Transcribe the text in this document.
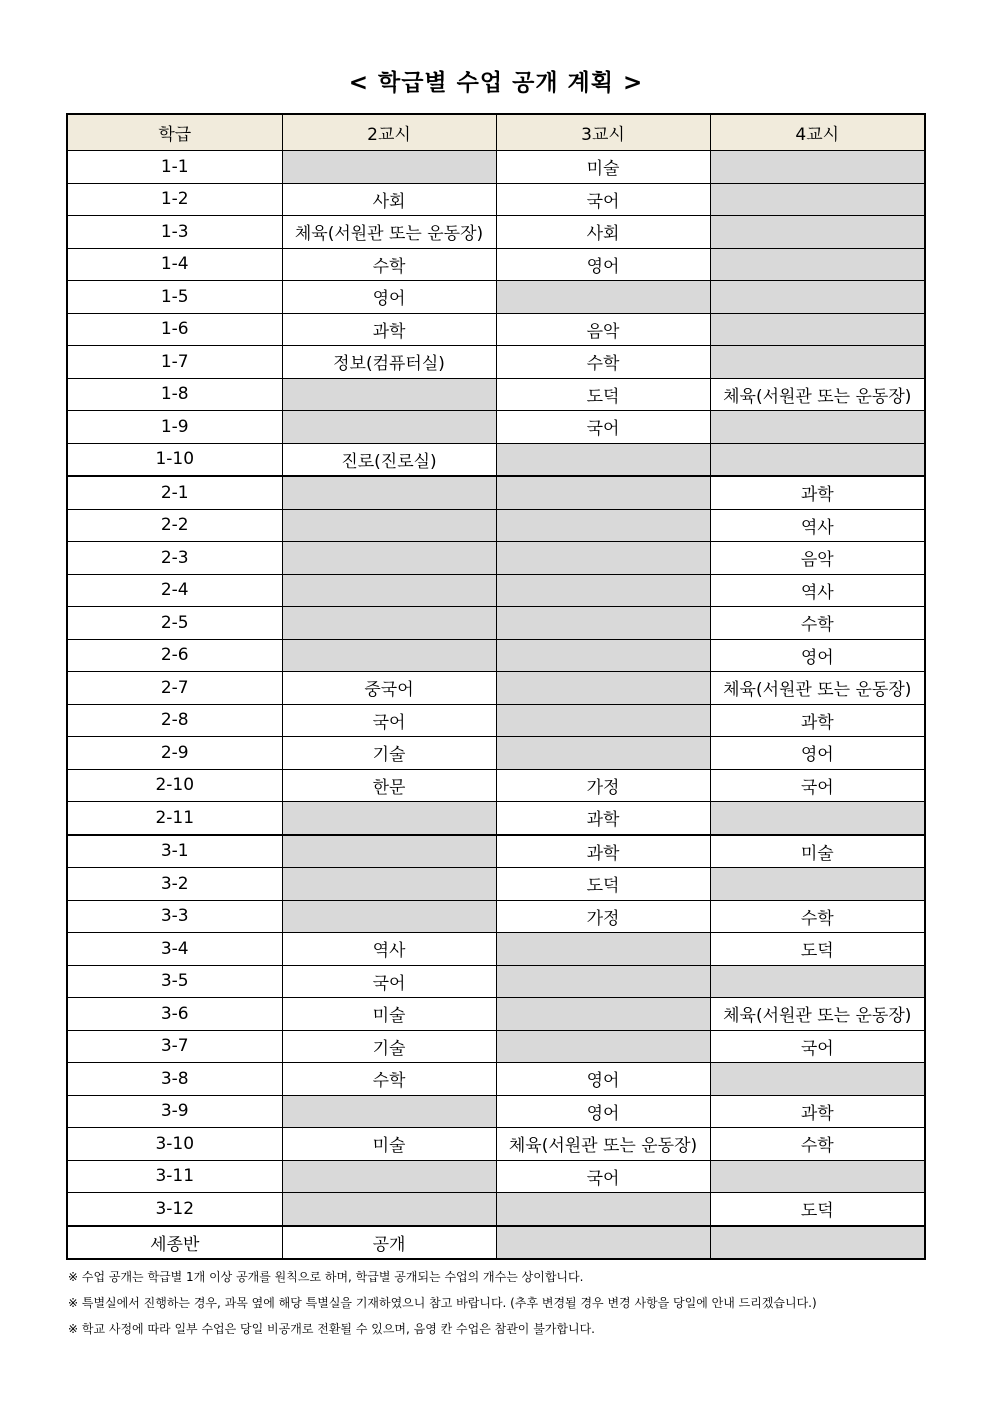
< 학급별 수업 공개 계획 >
학급	2교시	3교시	4교시
1-1		미술	
1-2	사회	국어	
1-3	체육(서원관 또는 운동장)	사회	
1-4	수학	영어	
1-5	영어		
1-6	과학	음악	
1-7	정보(컴퓨터실)	수학	
1-8		도덕	체육(서원관 또는 운동장)
1-9		국어	
1-10	진로(진로실)		
2-1			과학
2-2			역사
2-3			음악
2-4			역사
2-5			수학
2-6			영어
2-7	중국어		체육(서원관 또는 운동장)
2-8	국어		과학
2-9	기술		영어
2-10	한문	가정	국어
2-11		과학	
3-1		과학	미술
3-2		도덕	
3-3		가정	수학
3-4	역사		도덕
3-5	국어		
3-6	미술		체육(서원관 또는 운동장)
3-7	기술		국어
3-8	수학	영어	
3-9		영어	과학
3-10	미술	체육(서원관 또는 운동장)	수학
3-11		국어	
3-12			도덕
세종반	공개		
※ 수업 공개는 학급별 1개 이상 공개를 원칙으로 하며, 학급별 공개되는 수업의 개수는 상이합니다.
※ 특별실에서 진행하는 경우, 과목 옆에 해당 특별실을 기재하였으니 참고 바랍니다. (추후 변경될 경우 변경 사항을 당일에 안내 드리겠습니다.)
※ 학교 사정에 따라 일부 수업은 당일 비공개로 전환될 수 있으며, 음영 칸 수업은 참관이 불가합니다.
